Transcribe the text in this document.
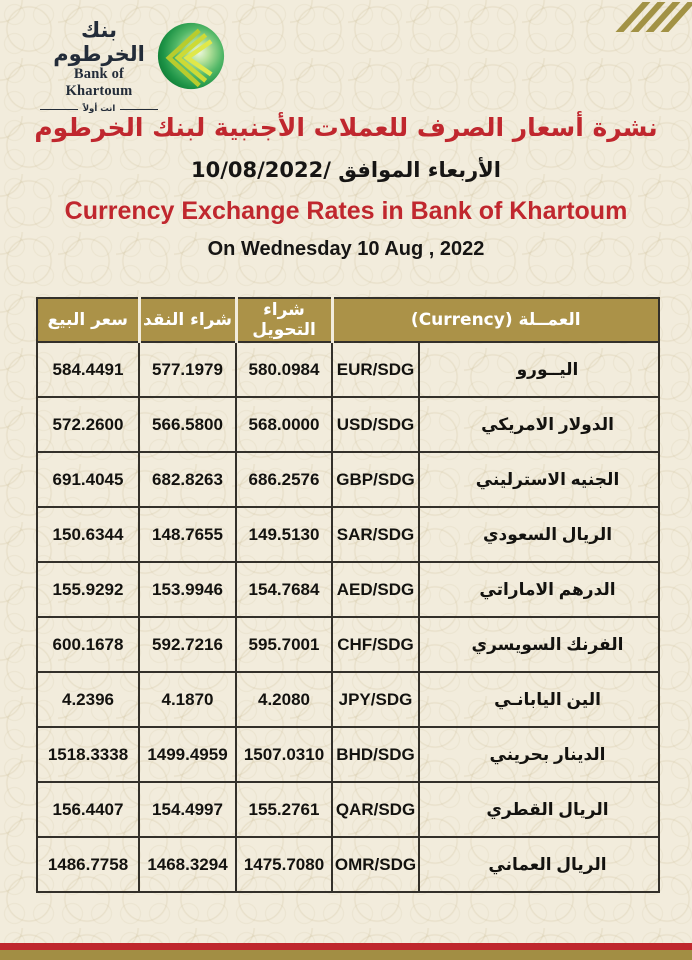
بنك الخرطوم
Bank of Khartoum
انت أولاً
نشرة أسعار الصرف للعملات الأجنبية لبنك الخرطوم
الأربعاء الموافق /10/08/2022
Currency Exchange Rates in Bank of Khartoum
On Wednesday 10 Aug , 2022
سعر البيع	شراء النقد	شراء التحويل	العمــلة (Currency)	
584.4491	577.1979	580.0984	EUR/SDG	اليــورو
572.2600	566.5800	568.0000	USD/SDG	الدولار الامريكي
691.4045	682.8263	686.2576	GBP/SDG	الجنيه الاسترليني
150.6344	148.7655	149.5130	SAR/SDG	الريال السعودي
155.9292	153.9946	154.7684	AED/SDG	الدرهم الاماراتي
600.1678	592.7216	595.7001	CHF/SDG	الفرنك السويسري
4.2396	4.1870	4.2080	JPY/SDG	الين اليابانـي
1518.3338	1499.4959	1507.0310	BHD/SDG	الدينار بحريني
156.4407	154.4997	155.2761	QAR/SDG	الريال القطري
1486.7758	1468.3294	1475.7080	OMR/SDG	الريال العماني
